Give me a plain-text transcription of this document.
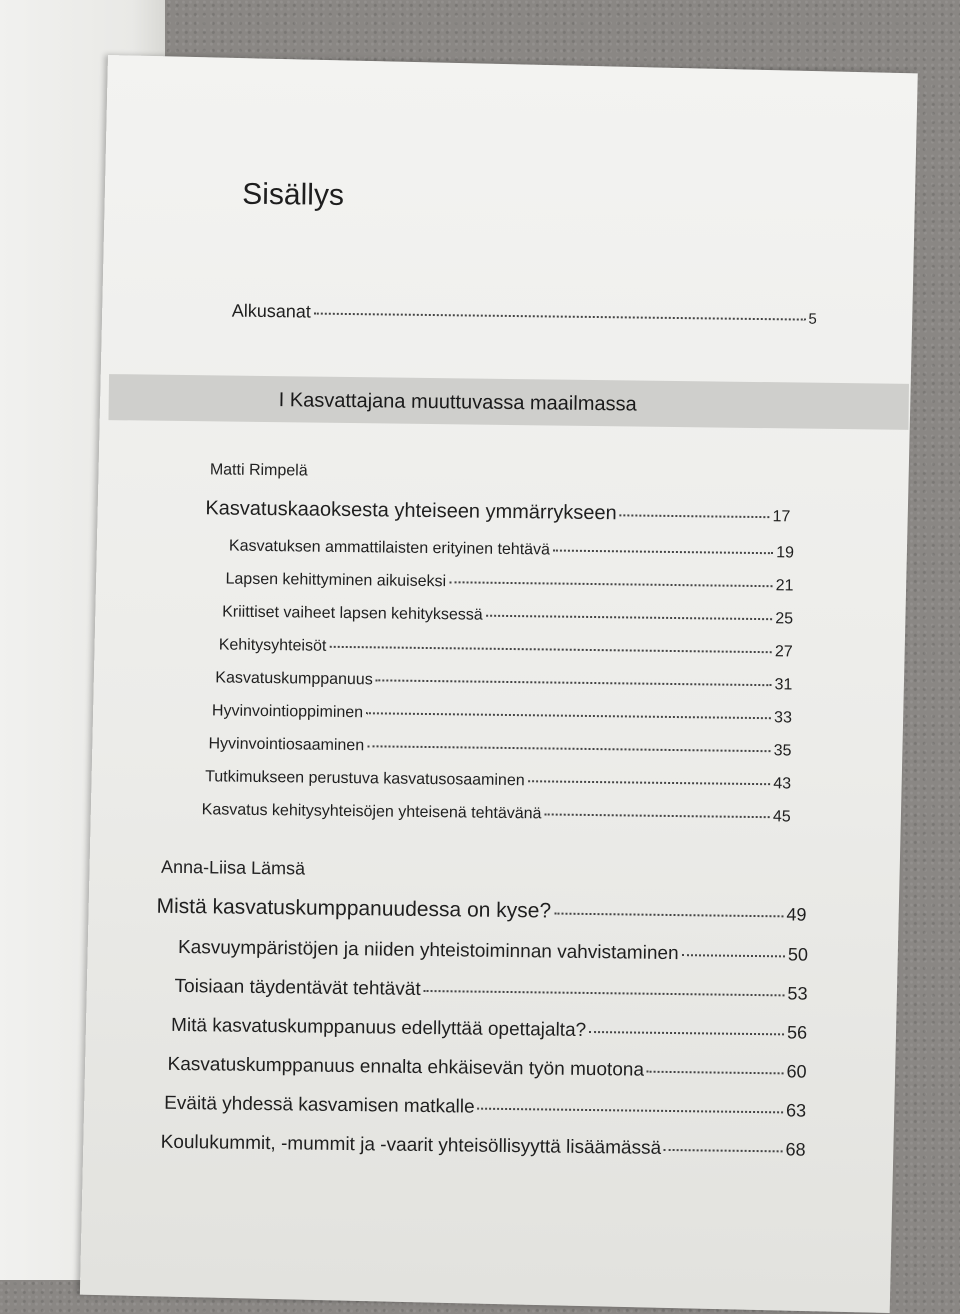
Sisällys
Alkusanat	5
I Kasvattajana muuttuvassa maailmassa
Matti Rimpelä
Kasvatuskaaoksesta yhteiseen ymmärrykseen	17
Kasvatuksen ammattilaisten erityinen tehtävä	19
Lapsen kehittyminen aikuiseksi	21
Kriittiset vaiheet lapsen kehityksessä	25
Kehitysyhteisöt	27
Kasvatuskumppanuus	31
Hyvinvointioppiminen	33
Hyvinvointiosaaminen	35
Tutkimukseen perustuva kasvatusosaaminen	43
Kasvatus kehitysyhteisöjen yhteisenä tehtävänä	45
Anna-Liisa Lämsä
Mistä kasvatuskumppanuudessa on kyse?	49
Kasvuympäristöjen ja niiden yhteistoiminnan vahvistaminen	50
Toisiaan täydentävät tehtävät	53
Mitä kasvatuskumppanuus edellyttää opettajalta?	56
Kasvatuskumppanuus ennalta ehkäisevän työn muotona	60
Eväitä yhdessä kasvamisen matkalle	63
Koulukummit, -mummit ja -vaarit yhteisöllisyyttä lisäämässä	68
